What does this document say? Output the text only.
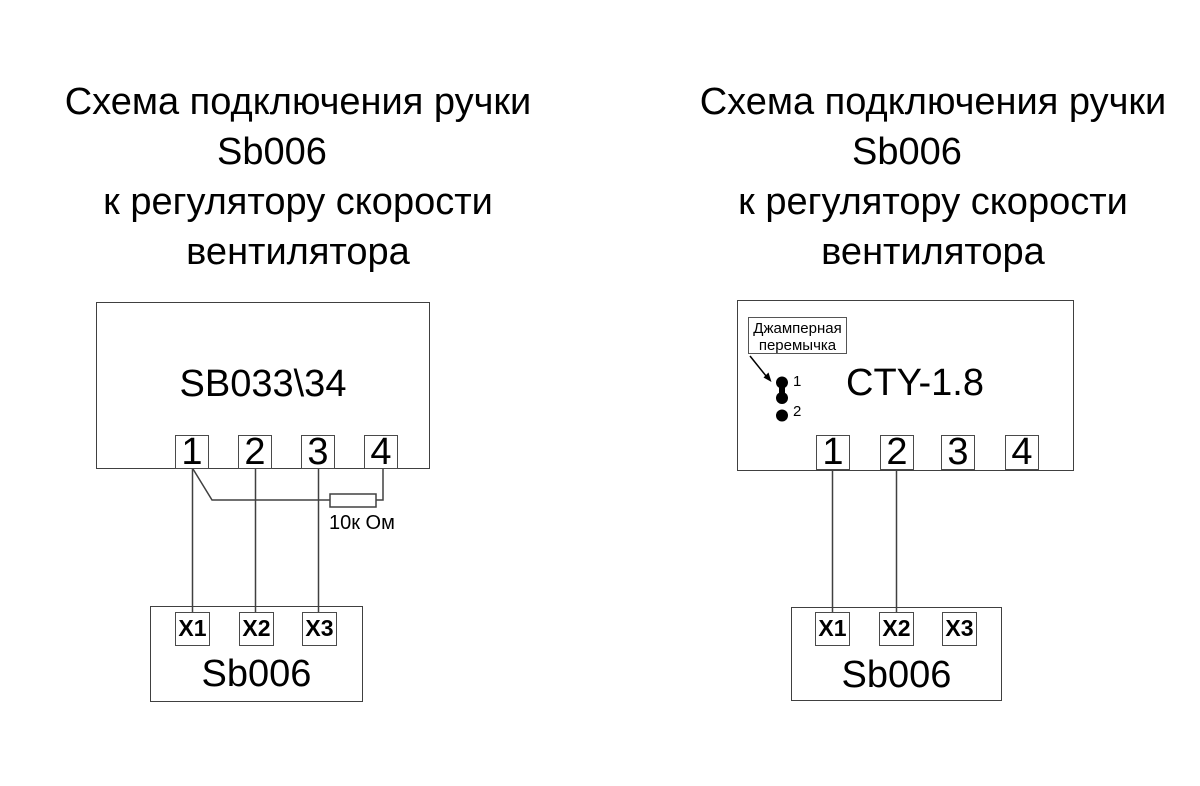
Схема подключения ручки
Sb006
к регулятору скорости
вентилятора
Схема подключения ручки
Sb006
к регулятору скорости
вентилятора
Джамперная
перемычка
1 2 3 4	1 2 3 4
X1 X2 X3	X1 X2 X3
SB033\34	CTY-1.8
Sb006	Sb006
10к Ом
1
2
